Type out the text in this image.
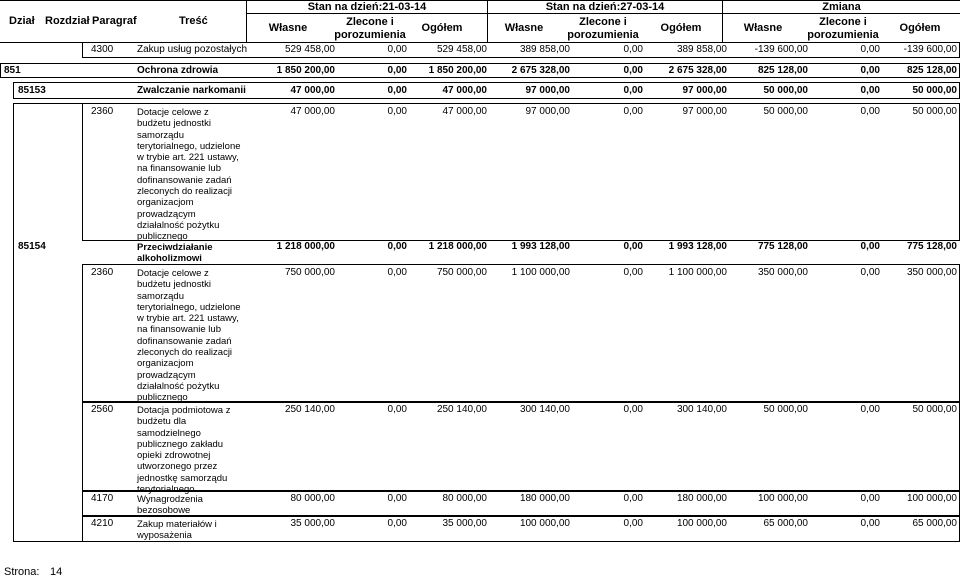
Dział Rozdział Paragraf	Treść
Stan na dzień:21-03-14	Stan na dzień:27-03-14	Zmiana
Własne	Zlecone i
porozumienia
Ogółem	Własne	Zlecone i
porozumienia
Ogółem	Własne	Zlecone i
porozumienia
Ogółem
4300 Zakup usług pozostałych	529 458,00	0,00	529 458,00	389 858,00	0,00	389 858,00	-139 600,00	0,00	-139 600,00
851	Ochrona zdrowia	1 850 200,00	0,00	1 850 200,00	2 675 328,00	0,00	2 675 328,00	825 128,00	0,00	825 128,00
85153	Zwalczanie narkomanii	47 000,00	0,00	47 000,00	97 000,00	0,00	97 000,00	50 000,00	0,00	50 000,00
2360	Dotacje celowe z
budżetu jednostki
samorządu
terytorialnego, udzielone
w trybie art. 221 ustawy,
na finansowanie lub
dofinansowanie zadań
zleconych do realizacji
organizacjom
prowadzącym
działalność pożytku
publicznego
47 000,00	0,00	47 000,00	97 000,00	0,00	97 000,00	50 000,00	0,00	50 000,00
85154	Przeciwdziałanie
alkoholizmowi
1 218 000,00	0,00	1 218 000,00	1 993 128,00	0,00	1 993 128,00	775 128,00	0,00	775 128,00
2360	Dotacje celowe z
budżetu jednostki
samorządu
terytorialnego, udzielone
w trybie art. 221 ustawy,
na finansowanie lub
dofinansowanie zadań
zleconych do realizacji
organizacjom
prowadzącym
działalność pożytku
publicznego
750 000,00	0,00	750 000,00	1 100 000,00	0,00	1 100 000,00	350 000,00	0,00	350 000,00
2560	Dotacja podmiotowa z
budżetu dla
samodzielnego
publicznego zakładu
opieki zdrowotnej
utworzonego przez
jednostkę samorządu
terytorialnego
250 140,00	0,00	250 140,00	300 140,00	0,00	300 140,00	50 000,00	0,00	50 000,00
4170	Wynagrodzenia
bezosobowe
80 000,00	0,00	80 000,00	180 000,00	0,00	180 000,00	100 000,00	0,00	100 000,00
4210	Zakup materiałów i
wyposażenia
35 000,00	0,00	35 000,00	100 000,00	0,00	100 000,00	65 000,00	0,00	65 000,00
Strona: 14
